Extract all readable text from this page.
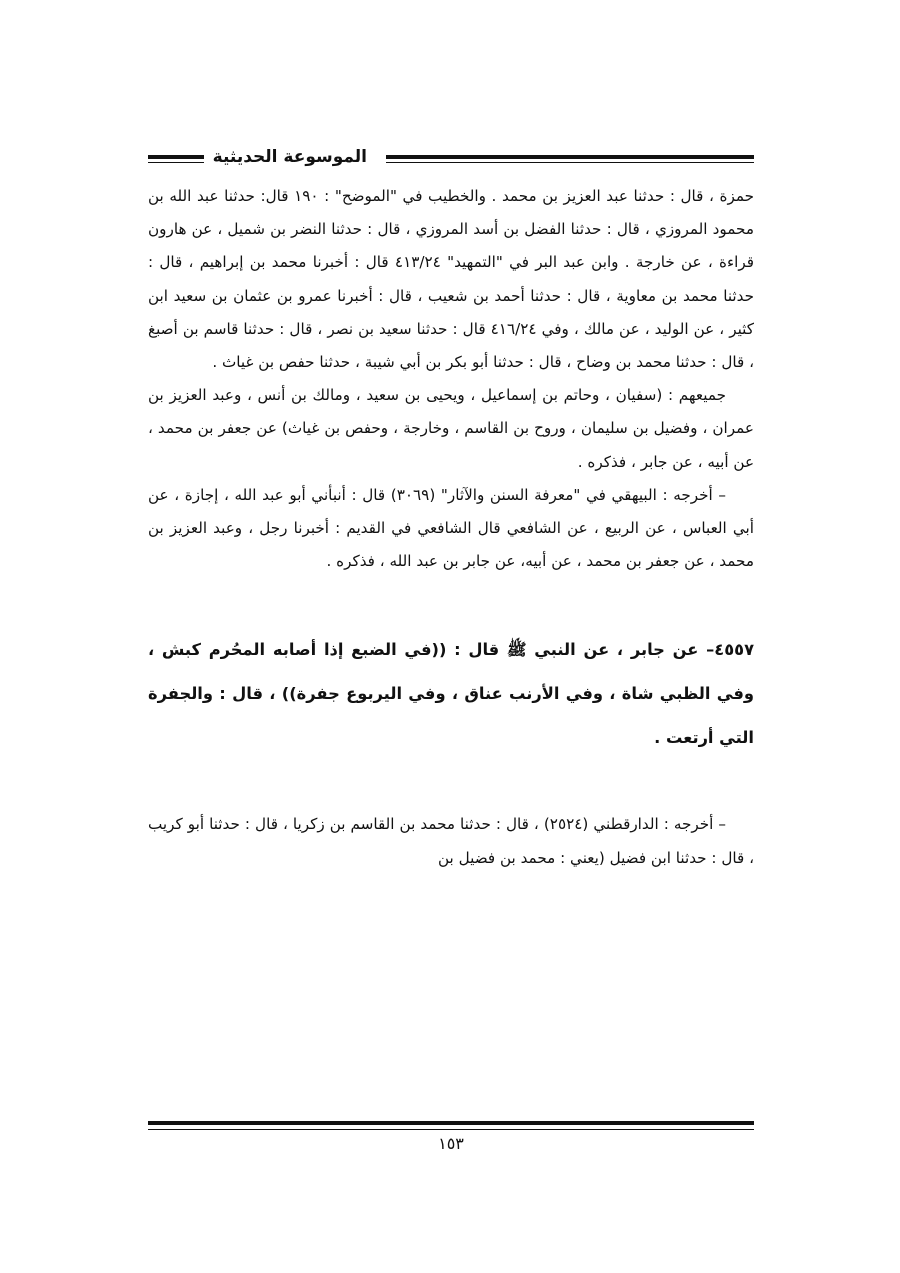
الموسوعة الحديثية

حمزة ، قال : حدثنا عبد العزيز بن محمد . والخطيب في "الموضح" : ١٩٠ قال: حدثنا عبد الله بن محمود المروزي ، قال : حدثنا الفضل بن أسد المروزي ، قال : حدثنا النضر بن شميل ، عن هارون قراءة ، عن خارجة . وابن عبد البر في "التمهيد" ٤١٣/٢٤ قال : أخبرنا محمد بن إبراهيم ، قال : حدثنا محمد بن معاوية ، قال : حدثنا أحمد بن شعيب ، قال : أخبرنا عمرو بن عثمان بن سعيد ابن كثير ، عن الوليد ، عن مالك ، وفي ٤١٦/٢٤ قال : حدثنا سعيد بن نصر ، قال : حدثنا قاسم بن أصبغ ، قال : حدثنا محمد بن وضاح ، قال : حدثنا أبو بكر بن أبي شيبة ، حدثنا حفص بن غياث .

جميعهم : (سفيان ، وحاتم بن إسماعيل ، ويحيى بن سعيد ، ومالك بن أنس ، وعبد العزيز بن عمران ، وفضيل بن سليمان ، وروح بن القاسم ، وخارجة ، وحفص بن غياث) عن جعفر بن محمد ، عن أبيه ، عن جابر ، فذكره .

– أخرجه : البيهقي في "معرفة السنن والآثار" (٣٠٦٩) قال : أنبأني أبو عبد الله ، إجازة ، عن أبي العباس ، عن الربيع ، عن الشافعي قال الشافعي في القديم : أخبرنا رجل ، وعبد العزيز بن محمد ، عن جعفر بن محمد ، عن أبيه، عن جابر بن عبد الله ، فذكره .

٤٥٥٧– عن جابر ، عن النبي ﷺ قال : ((في الضبع إذا أصابه المحُرم كبش ، وفي الظبي شاة ، وفي الأرنب عناق ، وفي اليربوع جفرة)) ، قال : والجفرة التي أرتعت .

– أخرجه : الدارقطني (٢٥٢٤) ، قال : حدثنا محمد بن القاسم بن زكريا ، قال : حدثنا أبو كريب ، قال : حدثنا ابن فضيل (يعني : محمد بن فضيل بن

١٥٣
